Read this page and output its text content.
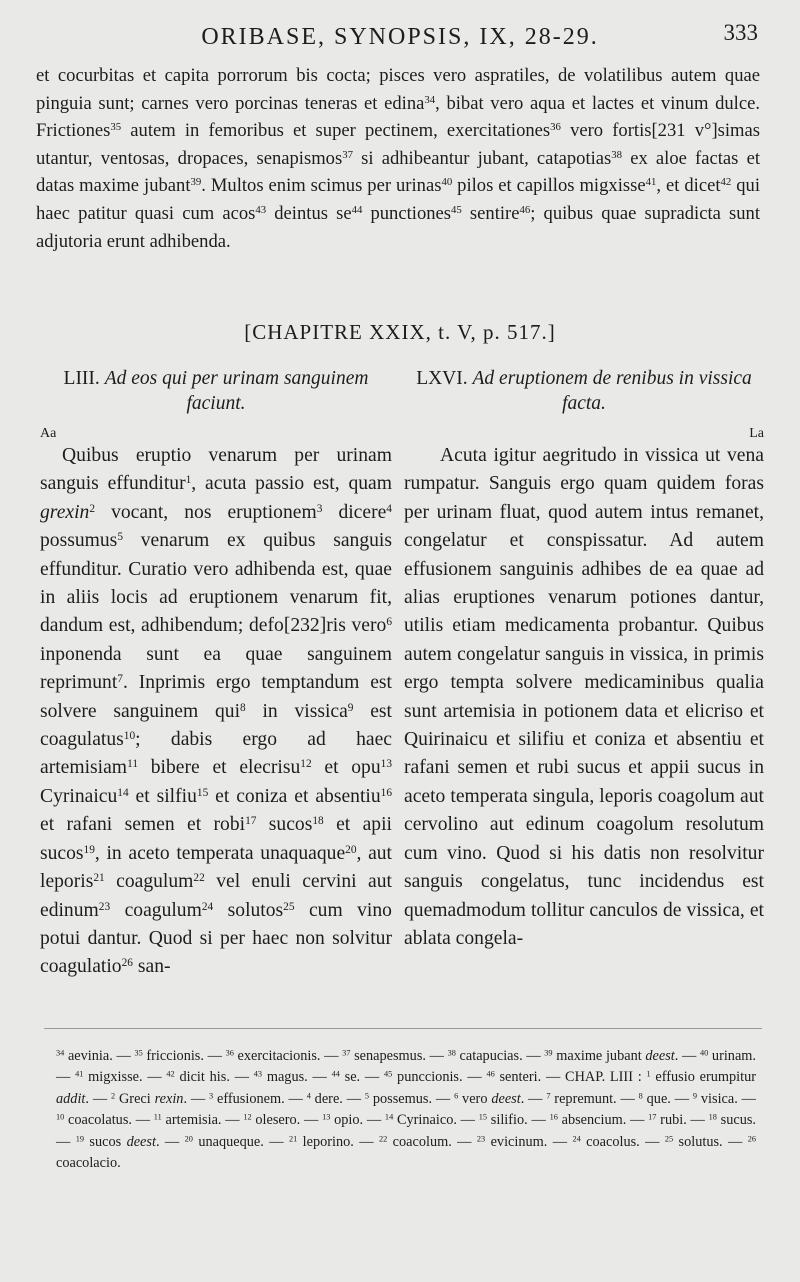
ORIBASE, SYNOPSIS, IX, 28-29.	333

et cocurbitas et capita porrorum bis cocta; pisces vero aspratiles, de volatilibus autem quae pinguia sunt; carnes vero porcinas teneras et edina$^{34}$, bibat vero aqua et lactes et vinum dulce. Frictiones$^{35}$ autem in femoribus et super pectinem, exercitationes$^{36}$ vero fortis[231 v°]simas utantur, ventosas, dropaces, senapismos$^{37}$ si adhibeantur jubant, catapotias$^{38}$ ex aloe factas et datas maxime jubant$^{39}$. Multos enim scimus per urinas$^{40}$ pilos et capillos migxisse$^{41}$, et dicet$^{42}$ qui haec patitur quasi cum acos$^{43}$ deintus $se^{44}$ punctiones$^{45}$ sentire$^{46}$; quibus quae supradicta sunt adjutoria erunt adhibenda.

[CHAPITRE XXIX, t. V, p. 517.]
LIII. Ad eos qui per urinam sanguinem faciunt.
Aa

Quibus eruptio venarum per urinam sanguis effunditur$^1$, acuta passio est, quam grexin$^2$ vocant, nos eruptionem$^3$ dicere$^4$ possumus$^5$ venarum ex quibus sanguis effunditur. Curatio vero adhibenda est, quae in aliis locis ad eruptionem venarum fit, dandum est, adhibendum; defo[232]ris vero$^6$ inponenda sunt ea quae sanguinem reprimunt$^7$. Inprimis ergo temptandum est solvere sanguinem qui$^8$ in vissica$^9$ est coagulatus$^{10}$; dabis ergo ad haec artemisiam$^{11}$ bibere et elecrisu$^{12}$ et opu$^{13}$ Cyrinaicu$^{14}$ et silfiu$^{15}$ et coniza et absentiu$^{16}$ et rafani semen et robi$^{17}$ sucos$^{18}$ et apii sucos$^{19}$, in aceto temperata unaquaque$^{20}$, aut leporis$^{21}$ coagulum$^{22}$ vel enuli cervini aut edinum$^{23}$ coagulum$^{24}$ solutos$^{25}$ cum vino potui dantur. Quod si per haec non solvitur coagulatio$^{26}$ san-

LXVI. Ad eruptionem de renibus in vissica facta.
La

Acuta igitur aegritudo in vissica ut vena rumpatur. Sanguis ergo quam quidem foras per urinam fluat, quod autem intus remanet, congelatur et conspissatur. Ad autem effusionem sanguinis adhibes de ea quae ad alias eruptiones venarum potiones dantur, utilis etiam medicamenta probantur. Quibus autem congelatur sanguis in vissica, in primis ergo tempta solvere medicaminibus qualia sunt artemisia in potionem data et elicriso et Quirinaicu et silifiu et coniza et absentiu et rafani semen et rubi sucus et appii sucus in aceto temperata singula, leporis coagolum aut cervolino aut edinum coagolum resolutum cum vino. Quod si his datis non resolvitur sanguis congelatus, tunc incidendus est quemadmodum tollitur canculos de vissica, et ablata congela-

$^{34}$ aevinia. — $^{35}$ friccionis. — $^{36}$ exercitacionis. — $^{37}$ senapesmus. — $^{38}$ catapucias. — $^{39}$ maxime jubant deest. — $^{40}$ urinam. — $^{41}$ migxisse. — $^{42}$ dicit his. — $^{43}$ magus. — $^{44}$ se. — $^{45}$ punccionis. — $^{46}$ senteri. — CHAP. LIII : $^1$ effusio erumpitur addit. — $^2$ Greci rexin. — $^3$ effusionem. — $^4$ dere. — $^5$ possemus. — $^6$ vero deest. — $^7$ repremunt. — $^8$ que. — $^9$ visica. — $^{10}$ coacolatus. — $^{11}$ artemisia. — $^{12}$ olesero. — $^{13}$ opio. — $^{14}$ Cyrinaico. — $^{15}$ silifio. — $^{16}$ absencium. — $^{17}$ rubi. — $^{18}$ sucus. — $^{19}$ sucos deest. — $^{20}$ unaqueque. — $^{21}$ leporino. — $^{22}$ coacolum. — $^{23}$ evicinum. — $^{24}$ coacolus. — $^{25}$ solutus. — $^{26}$ coacolacio.
